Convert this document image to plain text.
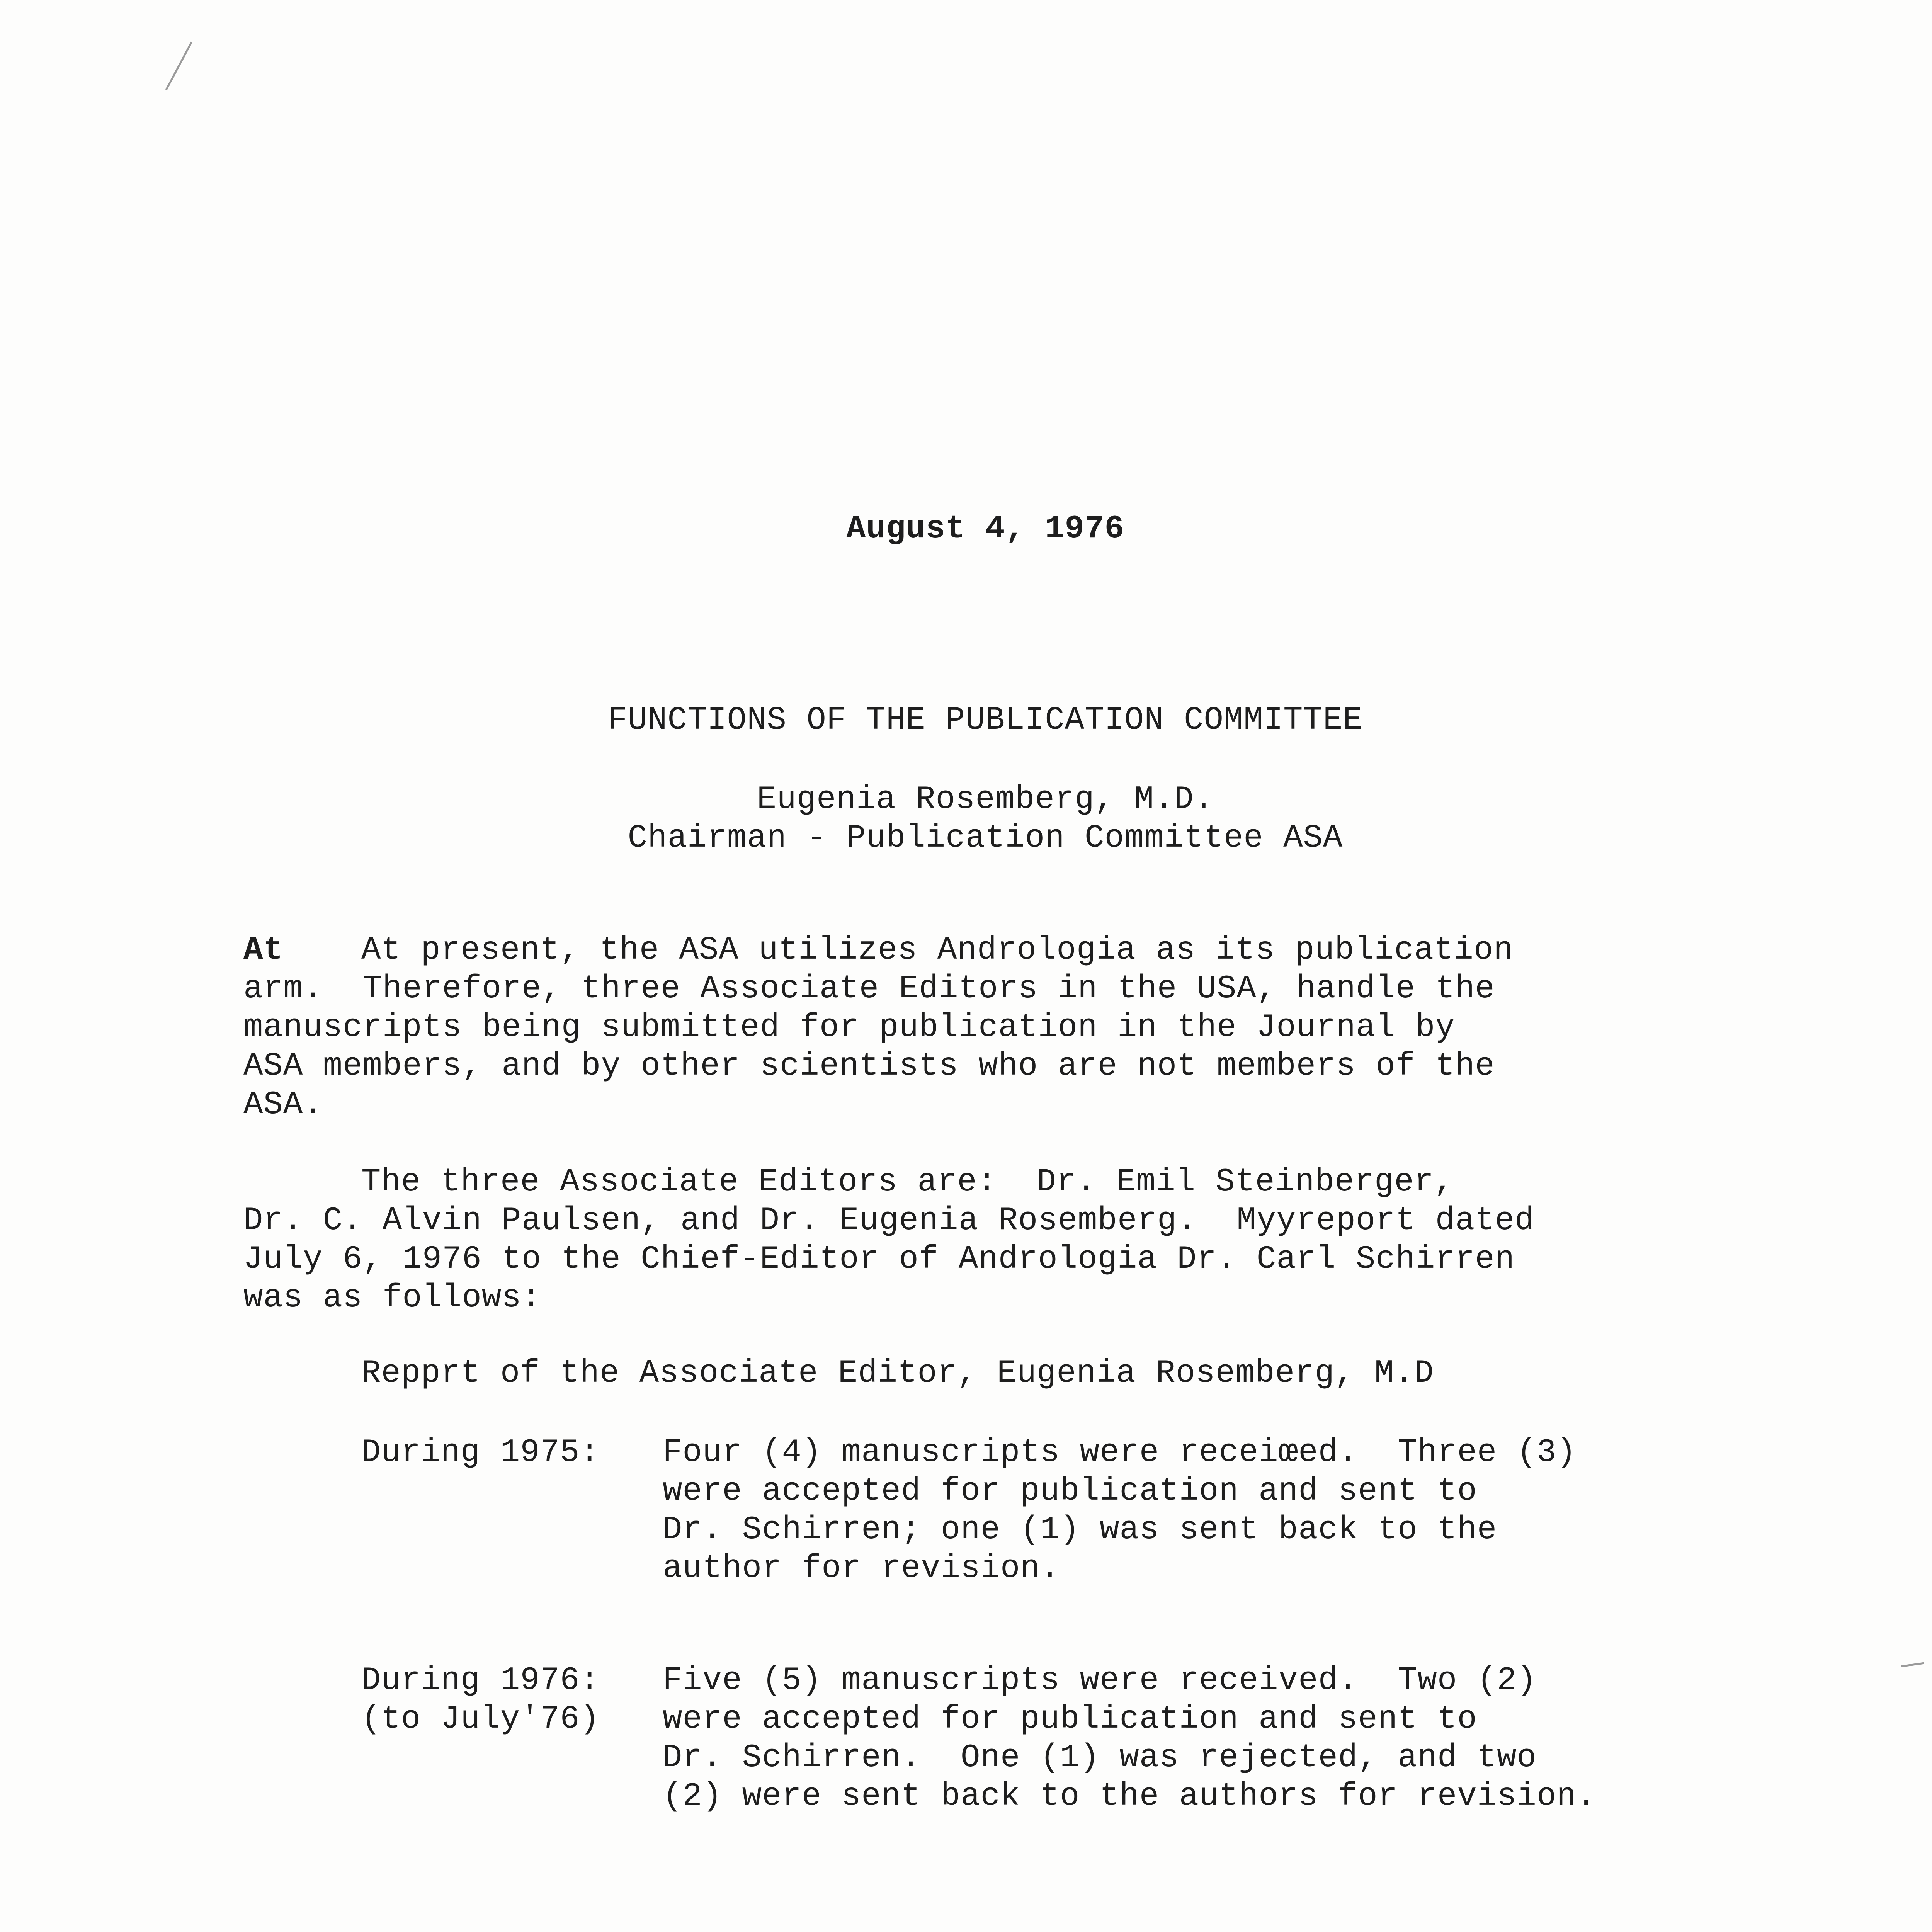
August 4, 1976

FUNCTIONS OF THE PUBLICATION COMMITTEE

Eugenia Rosemberg, M.D.

Chairman - Publication Committee ASA

At At present, the ASA utilizes Andrologia as its publication

arm.  Therefore, three Associate Editors in the USA, handle the

manuscripts being submitted for publication in the Journal by

ASA members, and by other scientists who are not members of the

ASA.

The three Associate Editors are:  Dr. Emil Steinberger,

Dr. C. Alvin Paulsen, and Dr. Eugenia Rosemberg.  Myyreport dated

July 6, 1976 to the Chief-Editor of Andrologia Dr. Carl Schirren

was as follows:

Repprt of the Associate Editor, Eugenia Rosemberg, M.D

During 1975: Four (4) manuscripts were receiœed.  Three (3)

were accepted for publication and sent to

Dr. Schirren; one (1) was sent back to the

author for revision.

During 1976:

(to July'76)

Five (5) manuscripts were received.  Two (2)

were accepted for publication and sent to

Dr. Schirren.  One (1) was rejected, and two

(2) were sent back to the authors for revision.
